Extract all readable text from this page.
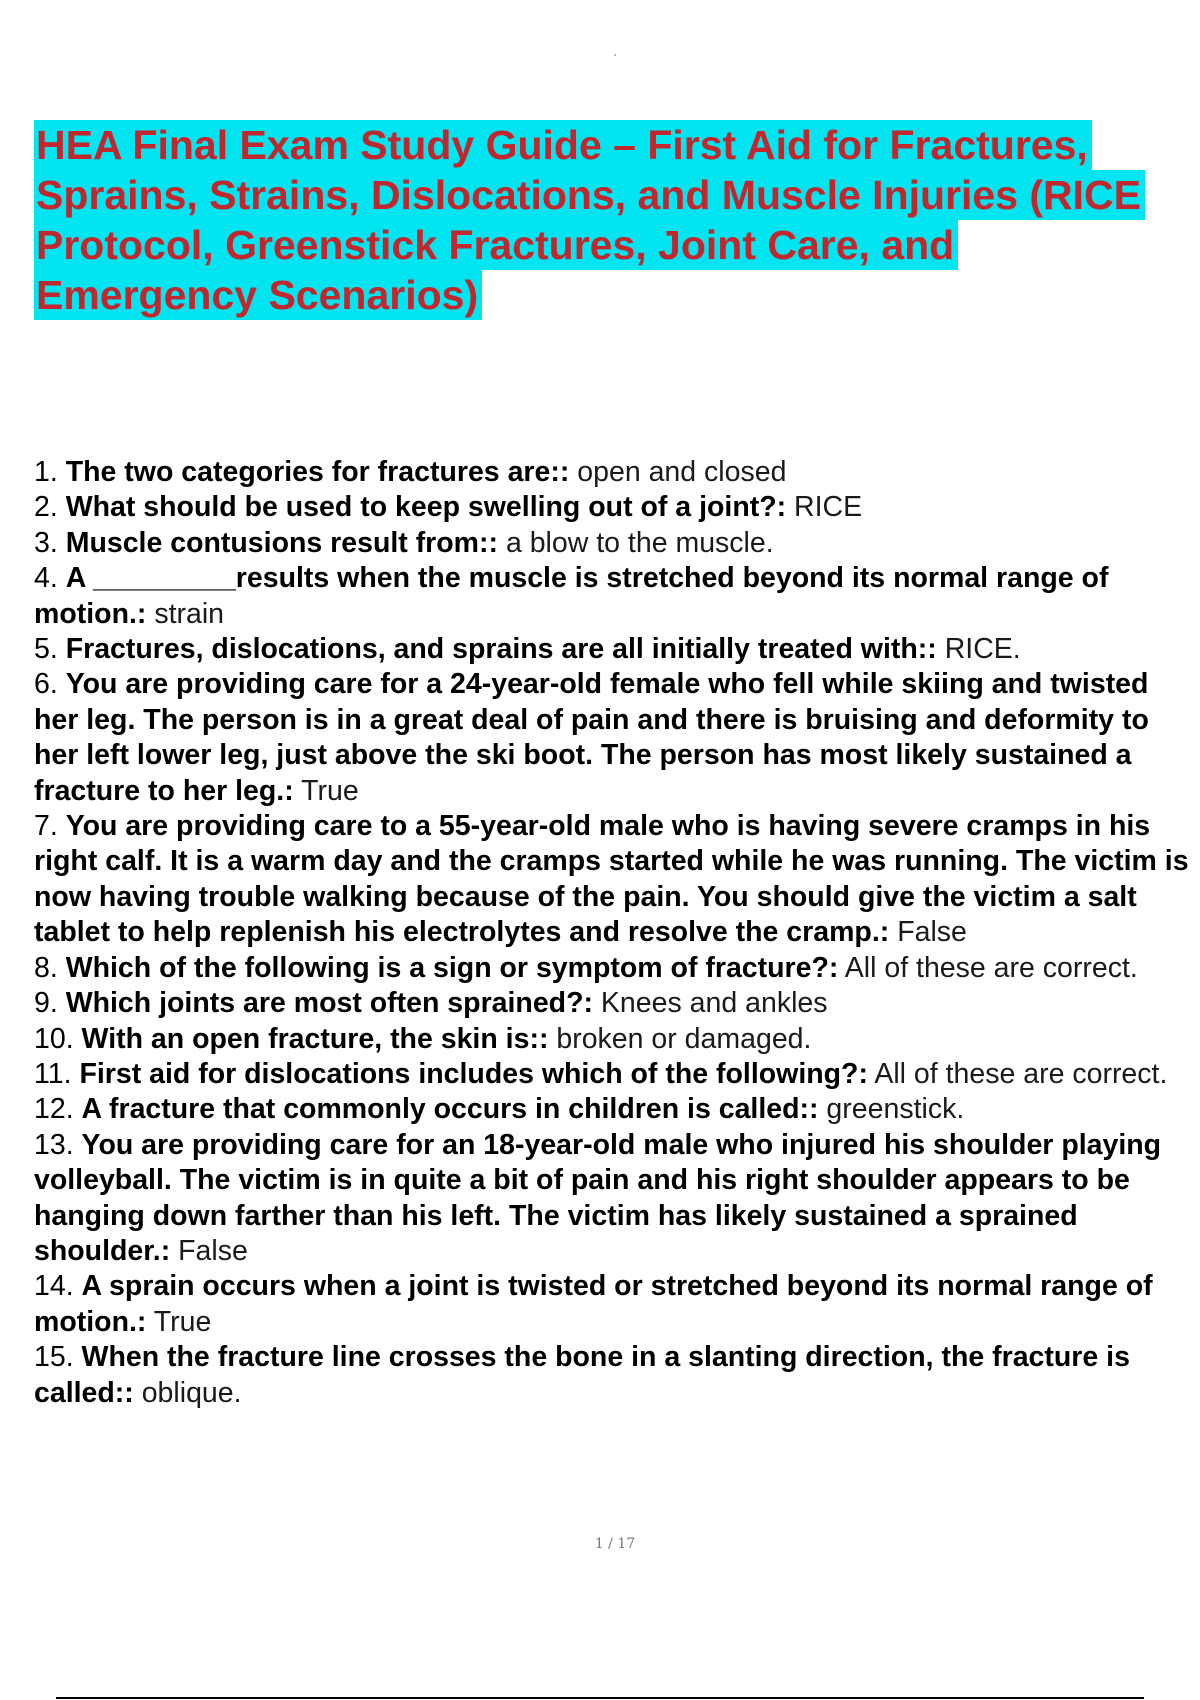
HEA Final Exam Study Guide – First Aid for Fractures,
Sprains, Strains, Dislocations, and Muscle Injuries (RICE
Protocol, Greenstick Fractures, Joint Care, and
Emergency Scenarios)
1. The two categories for fractures are:: open and closed
2. What should be used to keep swelling out of a joint?: RICE
3. Muscle contusions result from:: a blow to the muscle.
4. A _________results when the muscle is stretched beyond its normal range of motion.: strain
5. Fractures, dislocations, and sprains are all initially treated with:: RICE.
6. You are providing care for a 24-year-old female who fell while skiing and twisted her leg. The person is in a great deal of pain and there is bruising and deformity to her left lower leg, just above the ski boot. The person has most likely sustained a fracture to her leg.: True
7. You are providing care to a 55-year-old male who is having severe cramps in his right calf. It is a warm day and the cramps started while he was running. The victim is now having trouble walking because of the pain. You should give the victim a salt tablet to help replenish his electrolytes and resolve the cramp.: False
8. Which of the following is a sign or symptom of fracture?: All of these are correct.
9. Which joints are most often sprained?: Knees and ankles
10. With an open fracture, the skin is:: broken or damaged.
11. First aid for dislocations includes which of the following?: All of these are correct.
12. A fracture that commonly occurs in children is called:: greenstick.
13. You are providing care for an 18-year-old male who injured his shoulder playing volleyball. The victim is in quite a bit of pain and his right shoulder appears to be hanging down farther than his left. The victim has likely sustained a sprained shoulder.: False
14. A sprain occurs when a joint is twisted or stretched beyond its normal range of motion.: True
15. When the fracture line crosses the bone in a slanting direction, the fracture is called:: oblique.
1 / 17
